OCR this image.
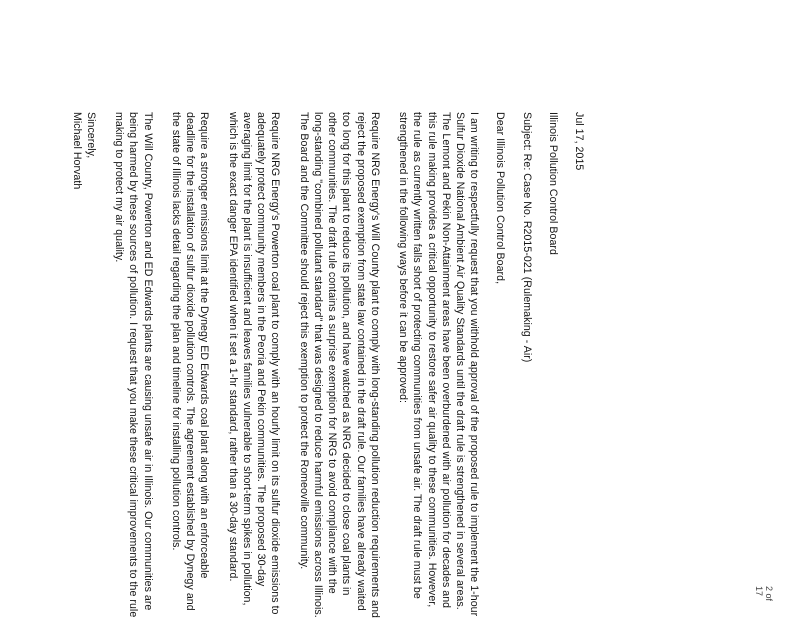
Jul 17, 2015

Illinois Pollution Control Board

Subject: Re: Case No. R2015-021 (Rulemaking - Air)

Dear Illinois Pollution Control Board,

I am writing to respectfully request that you withhold approval of the proposed rule to implement the 1-hour Sulfur Dioxide National Ambient Air Quality Standards until the draft rule is strengthened in several areas. The Lemont and Pekin Non-Attainment areas have been overburdened with air pollution for decades and this rule making provides a critical opportunity to restore safer air quality to these communities. However, the rule as currently written falls short of protecting communities from unsafe air. The draft rule must be strengthened in the following ways before it can be approved:

Require NRG Energy's Will County plant to comply with long-standing pollution reduction requirements and reject the proposed exemption from state law contained in the draft rule. Our families have already waited too long for this plant to reduce its pollution, and have watched as NRG decided to close coal plants in other communities. The draft rule contains a surprise exemption for NRG to avoid compliance with the long-standing "combined pollutant standard" that was designed to reduce harmful emissions across Illinois. The Board and the Committee should reject this exemption to protect the Romeoville community.

Require NRG Energy's Powerton coal plant to comply with an hourly limit on its sulfur dioxide emissions to adequately protect community members in the Peoria and Pekin communities. The proposed 30-day averaging limit for the plant is insufficient and leaves families vulnerable to short-term spikes in pollution, which is the exact danger EPA identified when it set a 1-hr standard, rather than a 30-day standard.

Require a stronger emissions limit at the Dynegy ED Edwards coal plant along with an enforceable deadline for the installation of sulfur dioxide pollution controls. The agreement established by Dynegy and the state of Illinois lacks detail regarding the plan and timeline for installing pollution controls.

The Will County, Powerton and ED Edwards plants are causing unsafe air in Illinois. Our communities are being harmed by these sources of pollution. I request that you make these critical improvements to the rule making to protect my air quality.

Sincerely,

Michael Horvath

2 of 17
